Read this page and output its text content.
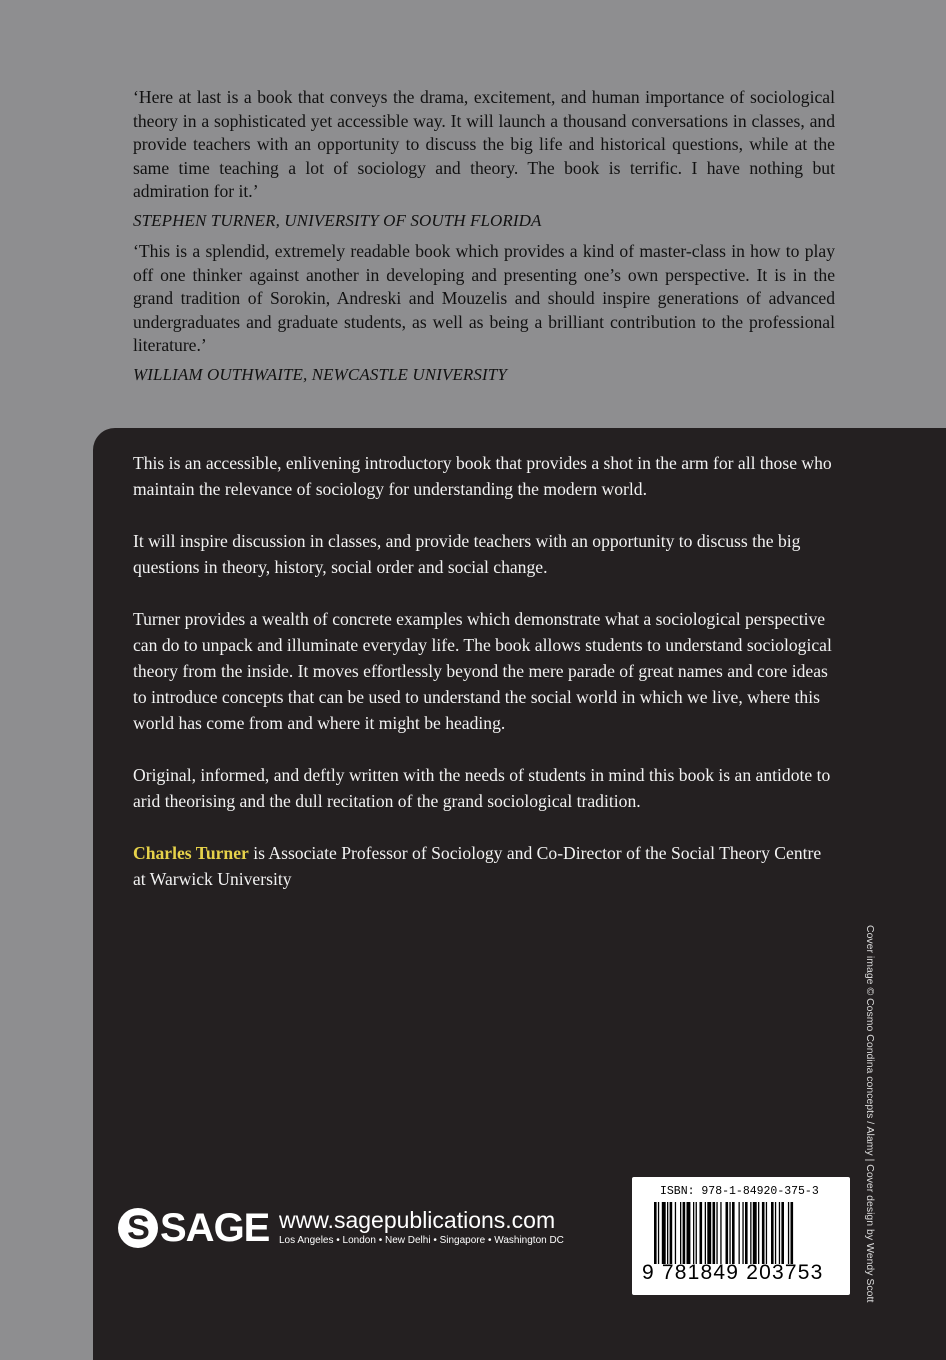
‘Here at last is a book that conveys the drama, excitement, and human importance of sociological theory in a sophisticated yet accessible way. It will launch a thousand conversations in classes, and provide teachers with an opportunity to discuss the big life and historical questions, while at the same time teaching a lot of sociology and theory. The book is terrific. I have nothing but admiration for it.’

STEPHEN TURNER, UNIVERSITY OF SOUTH FLORIDA

‘This is a splendid, extremely readable book which provides a kind of master-class in how to play off one thinker against another in developing and presenting one’s own perspective. It is in the grand tradition of Sorokin, Andreski and Mouzelis and should inspire generations of advanced undergraduates and graduate students, as well as being a brilliant contribution to the professional literature.’

WILLIAM OUTHWAITE, NEWCASTLE UNIVERSITY

This is an accessible, enlivening introductory book that provides a shot in the arm for all those who maintain the relevance of sociology for understanding the modern world.

It will inspire discussion in classes, and provide teachers with an opportunity to discuss the big questions in theory, history, social order and social change.

Turner provides a wealth of concrete examples which demonstrate what a sociological perspective can do to unpack and illuminate everyday life. The book allows students to understand sociological theory from the inside. It moves effortlessly beyond the mere parade of great names and core ideas to introduce concepts that can be used to understand the social world in which we live, where this world has come from and where it might be heading.

Original, informed, and deftly written with the needs of students in mind this book is an antidote to arid theorising and the dull recitation of the grand sociological tradition.

Charles Turner is Associate Professor of Sociology and Co-Director of the Social Theory Centre at Warwick University

Cover image © Cosmo Condina concepts / Alamy | Cover design by Wendy Scott
S SAGE www.sagepublications.com
Los Angeles • London • New Delhi • Singapore • Washington DC
ISBN: 978-1-84920-375-3
9 781849 203753
